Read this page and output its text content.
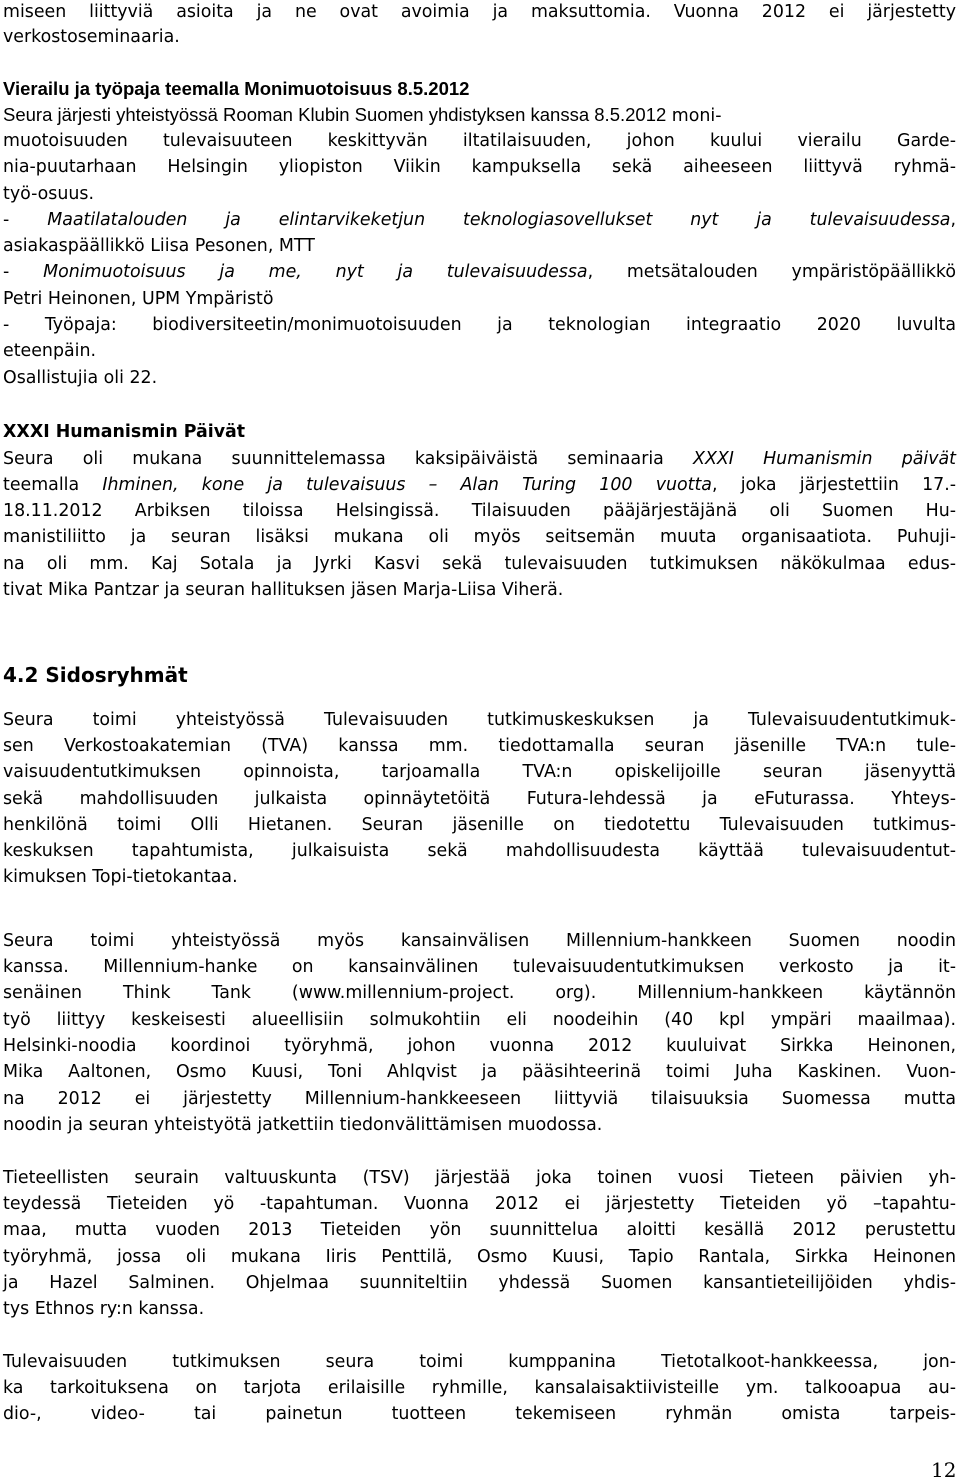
miseen liittyviä asioita ja ne ovat avoimia ja maksuttomia. Vuonna 2012 ei järjestetty
verkostoseminaaria.
Vierailu ja työpaja teemalla Monimuotoisuus 8.5.2012
Seura järjesti yhteistyössä Rooman Klubin Suomen yhdistyksen kanssa 8.5.2012 moni-
muotoisuuden tulevaisuuteen keskittyvän iltatilaisuuden, johon kuului vierailu Garde-
nia-puutarhaan Helsingin yliopiston Viikin kampuksella sekä aiheeseen liittyvä ryhmä-
työ-osuus.
- Maatilatalouden ja elintarvikeketjun teknologiasovellukset nyt ja tulevaisuudessa,
asiakaspäällikkö Liisa Pesonen, MTT
- Monimuotoisuus ja me, nyt ja tulevaisuudessa, metsätalouden ympäristöpäällikkö
Petri Heinonen, UPM Ympäristö
- Työpaja: biodiversiteetin/monimuotoisuuden ja teknologian integraatio 2020 luvulta
eteenpäin.
Osallistujia oli 22.
XXXI Humanismin Päivät
Seura oli mukana suunnittelemassa kaksipäiväistä seminaaria XXXI Humanismin päivät
teemalla Ihminen, kone ja tulevaisuus – Alan Turing 100 vuotta, joka järjestettiin 17.-
18.11.2012 Arbiksen tiloissa Helsingissä. Tilaisuuden pääjärjestäjänä oli Suomen Hu-
manistiliitto ja seuran lisäksi mukana oli myös seitsemän muuta organisaatiota. Puhuji-
na oli mm. Kaj Sotala ja Jyrki Kasvi sekä tulevaisuuden tutkimuksen näkökulmaa edus-
tivat Mika Pantzar ja seuran hallituksen jäsen Marja-Liisa Viherä.
Seura toimi yhteistyössä Tulevaisuuden tutkimuskeskuksen ja Tulevaisuudentutkimuk-
sen Verkostoakatemian (TVA) kanssa mm. tiedottamalla seuran jäsenille TVA:n tule-
vaisuudentutkimuksen opinnoista, tarjoamalla TVA:n opiskelijoille seuran jäsenyyttä
sekä mahdollisuuden julkaista opinnäytetöitä Futura-lehdessä ja eFuturassa. Yhteys-
henkilönä toimi Olli Hietanen. Seuran jäsenille on tiedotettu Tulevaisuuden tutkimus-
keskuksen tapahtumista, julkaisuista sekä mahdollisuudesta käyttää tulevaisuudentut-
kimuksen Topi-tietokantaa.
Seura toimi yhteistyössä myös kansainvälisen Millennium-hankkeen Suomen noodin
kanssa. Millennium-hanke on kansainvälinen tulevaisuudentutkimuksen verkosto ja it-
senäinen Think Tank (www.millennium-project. org). Millennium-hankkeen käytännön
työ liittyy keskeisesti alueellisiin solmukohtiin eli noodeihin (40 kpl ympäri maailmaa).
Helsinki-noodia koordinoi työryhmä, johon vuonna 2012 kuuluivat Sirkka Heinonen,
Mika Aaltonen, Osmo Kuusi, Toni Ahlqvist ja pääsihteerinä toimi Juha Kaskinen. Vuon-
na 2012 ei järjestetty Millennium-hankkeeseen liittyviä tilaisuuksia Suomessa mutta
noodin ja seuran yhteistyötä jatkettiin tiedonvälittämisen muodossa.
Tieteellisten seurain valtuuskunta (TSV) järjestää joka toinen vuosi Tieteen päivien yh-
teydessä Tieteiden yö -tapahtuman. Vuonna 2012 ei järjestetty Tieteiden yö –tapahtu-
maa, mutta vuoden 2013 Tieteiden yön suunnittelua aloitti kesällä 2012 perustettu
työryhmä, jossa oli mukana Iiris Penttilä, Osmo Kuusi, Tapio Rantala, Sirkka Heinonen
ja Hazel Salminen. Ohjelmaa suunniteltiin yhdessä Suomen kansantieteilijöiden yhdis-
tys Ethnos ry:n kanssa.
Tulevaisuuden tutkimuksen seura toimi kumppanina Tietotalkoot-hankkeessa, jon-
ka tarkoituksena on tarjota erilaisille ryhmille, kansalaisaktiivisteille ym. talkooapua au-
dio-, video- tai painetun tuotteen tekemiseen ryhmän omista tarpeis-
4.2 Sidosryhmät
12
